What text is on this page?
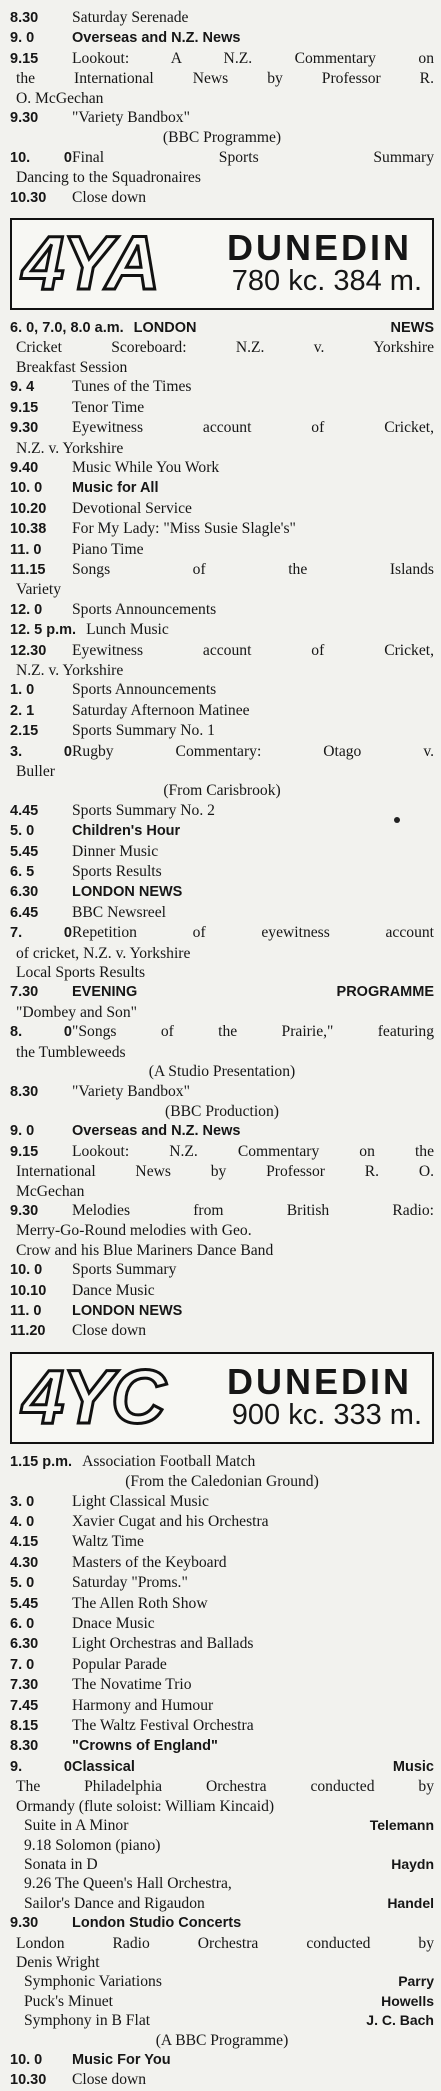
8.30 Saturday Serenade
9. 0	Overseas and N.Z. News
9.15 Lookout: A N.Z. Commentary on
the International News by Professor R.
O. McGechan
9.30 "Variety Bandbox"
(BBC Programme)
10. 0Final Sports Summary
Dancing to the Squadronaires
10.30 Close down
4YA DUNEDIN
780 kc. 384 m.
6. 0, 7.0, 8.0 a.m. LONDON NEWS
Cricket Scoreboard: N.Z. v. Yorkshire
Breakfast Session
9. 4 Tunes of the Times
9.15 Tenor Time
9.30 Eyewitness account of Cricket,
N.Z. v. Yorkshire
9.40 Music While You Work
10. 0 Music for All
10.20 Devotional Service
10.38 For My Lady: "Miss Susie Slagle's"
11. 0 Piano Time
11.15 Songs of the Islands
Variety
12. 0 Sports Announcements
12. 5 p.m. Lunch Music
12.30 Eyewitness account of Cricket,
N.Z. v. Yorkshire
1. 0 Sports Announcements
2. 1 Saturday Afternoon Matinee
2.15 Sports Summary No. 1
3. 0Rugby Commentary: Otago v.
Buller
(From Carisbrook)
4.45 Sports Summary No. 2
5. 0	Children's Hour
5.45 Dinner Music
6. 5 Sports Results
6.30 LONDON NEWS
6.45 BBC Newsreel
7. 0Repetition of eyewitness account
of cricket, N.Z. v. Yorkshire
Local Sports Results
7.30 EVENING PROGRAMME
"Dombey and Son"
8. 0"Songs of the Prairie," featuring
the Tumbleweeds
(A Studio Presentation)
8.30 "Variety Bandbox"
(BBC Production)
9. 0	Overseas and N.Z. News
9.15 Lookout: N.Z. Commentary on the
International News by Professor R. O.
McGechan
9.30 Melodies from British Radio:
Merry-Go-Round melodies with Geo.
Crow and his Blue Mariners Dance Band
10. 0 Sports Summary
10.10 Dance Music
11. 0 LONDON NEWS
11.20 Close down
4YC DUNEDIN
900 kc. 333 m.
1.15 p.m. Association Football Match
(From the Caledonian Ground)
3. 0 Light Classical Music
4. 0 Xavier Cugat and his Orchestra
4.15 Waltz Time
4.30 Masters of the Keyboard
5. 0 Saturday "Proms."
5.45 The Allen Roth Show
6. 0 Dnace Music
6.30 Light Orchestras and Ballads
7. 0 Popular Parade
7.30 The Novatime Trio
7.45 Harmony and Humour
8.15 The Waltz Festival Orchestra
8.30 "Crowns of England"
9. 0Classical Music
The Philadelphia Orchestra conducted by
Ormandy (flute soloist: William Kincaid)
Suite in A Minor	Telemann
9.18 Solomon (piano)
Sonata in D	Haydn
9.26 The Queen's Hall Orchestra,
Sailor's Dance and Rigaudon	Handel
9.30 London Studio Concerts
London Radio Orchestra conducted by
Denis Wright
Symphonic Variations	Parry
Puck's Minuet	Howells
Symphony in B Flat	J. C. Bach
(A BBC Programme)
10. 0 Music For You
10.30 Close down
